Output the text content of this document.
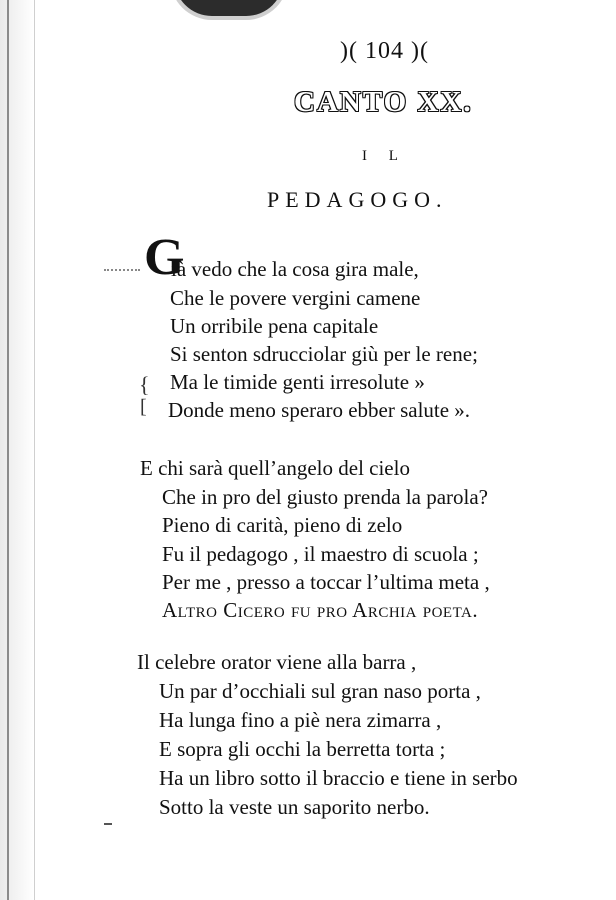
)( 104 )(
CANTO XX.
I L
PEDAGOGO.
G
ià vedo che la cosa gira male,
Che le povere vergini camene
Un orribile pena capitale
Si senton sdrucciolar giù per le rene;
{
[
Ma le timide genti irresolute »
Donde meno speraro ebber salute ».
E chi sarà quell’angelo del cielo
Che in pro del giusto prenda la parola?
Pieno di carità, pieno di zelo
Fu il pedagogo , il maestro di scuola ;
Per me , presso a toccar l’ultima meta ,
Altro Cicero fu pro Archia poeta.
Il celebre orator viene alla barra ,
Un par d’occhiali sul gran naso porta ,
Ha lunga fino a piè nera zimarra ,
E sopra gli occhi la berretta torta ;
Ha un libro sotto il braccio e tiene in serbo
Sotto la veste un saporito nerbo.
